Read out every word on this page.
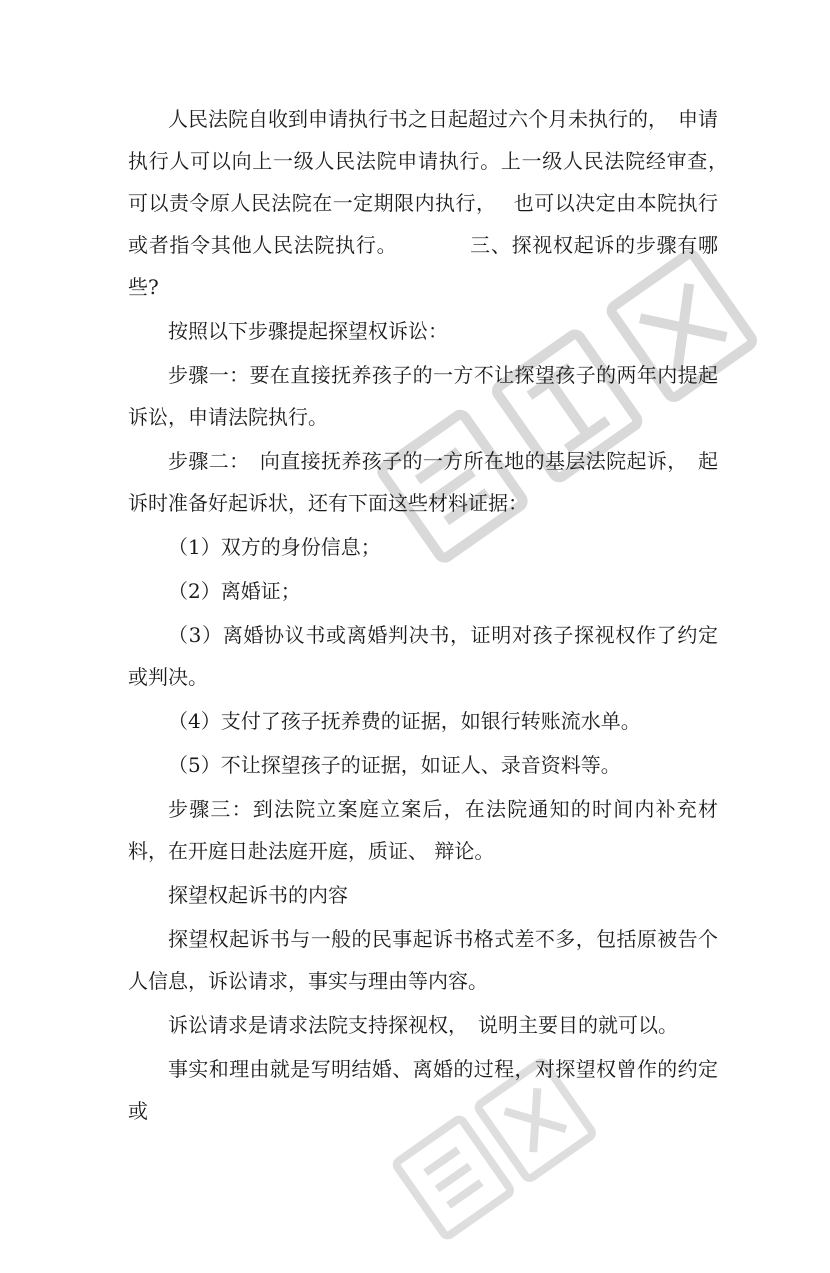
人民法院自收到申请执行书之日起超过六个月未执行的，　申请执行人可以向上一级人民法院申请执行。上一级人民法院经审查，　可以责令原人民法院在一定期限内执行，　 也可以决定由本院执行或者指令其他人民法院执行。　　　　三、探视权起诉的步骤有哪些?

按照以下步骤提起探望权诉讼：

步骤一：要在直接抚养孩子的一方不让探望孩子的两年内提起诉讼，申请法院执行。

步骤二：　向直接抚养孩子的一方所在地的基层法院起诉，　起诉时准备好起诉状，还有下面这些材料证据：

（1）双方的身份信息；

（2）离婚证；

（3）离婚协议书或离婚判决书，证明对孩子探视权作了约定或判决。

（4）支付了孩子抚养费的证据，如银行转账流水单。

（5）不让探望孩子的证据，如证人、录音资料等。

步骤三：到法院立案庭立案后，在法院通知的时间内补充材料，在开庭日赴法庭开庭，质证、 辩论。

探望权起诉书的内容

探望权起诉书与一般的民事起诉书格式差不多，包括原被告个人信息，诉讼请求，事实与理由等内容。

诉讼请求是请求法院支持探视权，　说明主要目的就可以。

事实和理由就是写明结婚、离婚的过程，对探望权曾作的约定或
